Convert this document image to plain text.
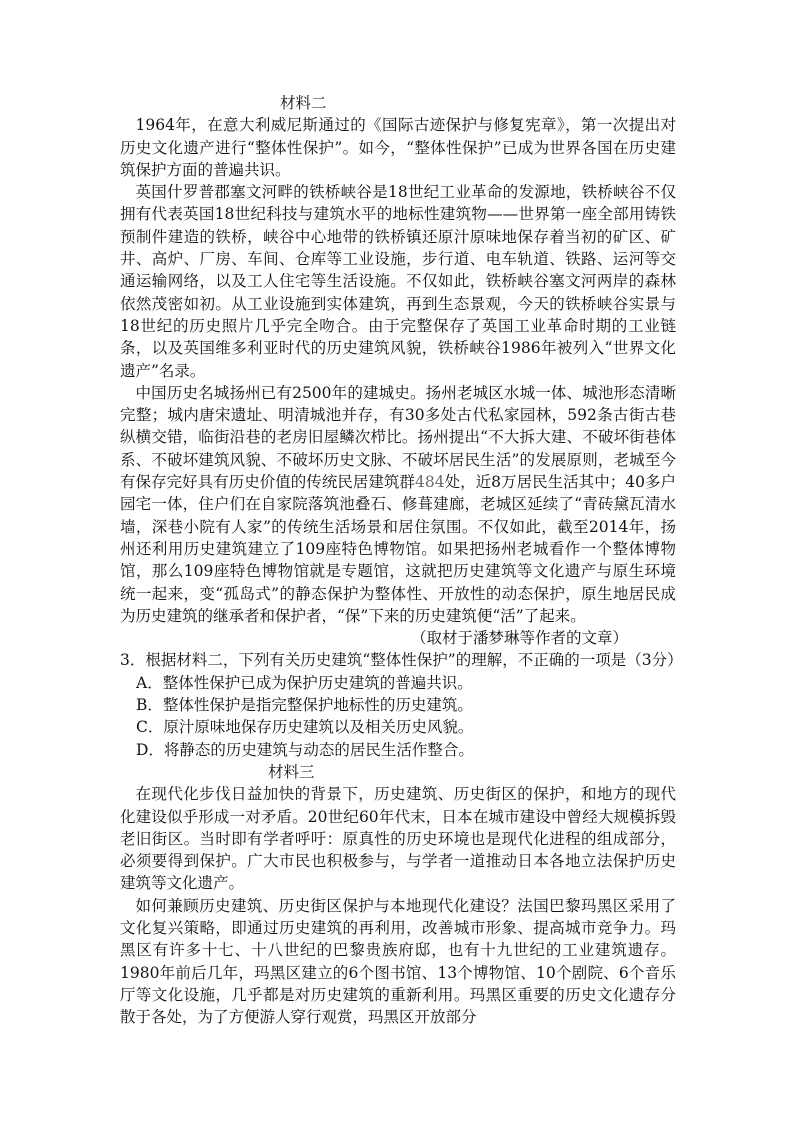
材料二

1964年，在意大利威尼斯通过的《国际古迹保护与修复宪章》，第一次提出对历史文化遗产进行“整体性保护”。如今，“整体性保护”已成为世界各国在历史建筑保护方面的普遍共识。

英国什罗普郡塞文河畔的铁桥峡谷是18世纪工业革命的发源地，铁桥峡谷不仅拥有代表英国18世纪科技与建筑水平的地标性建筑物——世界第一座全部用铸铁预制件建造的铁桥，峡谷中心地带的铁桥镇还原汁原味地保存着当初的矿区、矿井、高炉、厂房、车间、仓库等工业设施，步行道、电车轨道、铁路、运河等交通运输网络，以及工人住宅等生活设施。不仅如此，铁桥峡谷塞文河两岸的森林依然茂密如初。从工业设施到实体建筑，再到生态景观，今天的铁桥峡谷实景与18世纪的历史照片几乎完全吻合。由于完整保存了英国工业革命时期的工业链条，以及英国维多利亚时代的历史建筑风貌，铁桥峡谷1986年被列入“世界文化遗产”名录。

中国历史名城扬州已有2500年的建城史。扬州老城区水城一体、城池形态清晰完整；城内唐宋遗址、明清城池并存，有30多处古代私家园林，592条古街古巷纵横交错，临街沿巷的老房旧屋鳞次栉比。扬州提出“不大拆大建、不破坏街巷体系、不破坏建筑风貌、不破坏历史文脉、不破坏居民生活”的发展原则，老城至今有保存完好具有历史价值的传统民居建筑群484处，近8万居民生活其中；40多户园宅一体，住户们在自家院落筑池叠石、修葺建廊，老城区延续了“青砖黛瓦清水墙，深巷小院有人家”的传统生活场景和居住氛围。不仅如此，截至2014年，扬州还利用历史建筑建立了109座特色博物馆。如果把扬州老城看作一个整体博物馆，那么109座特色博物馆就是专题馆，这就把历史建筑等文化遗产与原生环境统一起来，变“孤岛式”的静态保护为整体性、开放性的动态保护，原生地居民成为历史建筑的继承者和保护者，“保”下来的历史建筑便“活”了起来。

（取材于潘梦琳等作者的文章）

3．根据材料二，下列有关历史建筑“整体性保护”的理解，不正确的一项是（3分）

A．整体性保护已成为保护历史建筑的普遍共识。
B．整体性保护是指完整保护地标性的历史建筑。
C．原汁原味地保存历史建筑以及相关历史风貌。
D．将静态的历史建筑与动态的居民生活作整合。
材料三

在现代化步伐日益加快的背景下，历史建筑、历史街区的保护，和地方的现代化建设似乎形成一对矛盾。20世纪60年代末，日本在城市建设中曾经大规模拆毁老旧街区。当时即有学者呼吁：原真性的历史环境也是现代化进程的组成部分，必须要得到保护。广大市民也积极参与，与学者一道推动日本各地立法保护历史建筑等文化遗产。

如何兼顾历史建筑、历史街区保护与本地现代化建设？法国巴黎玛黑区采用了文化复兴策略，即通过历史建筑的再利用，改善城市形象、提高城市竞争力。玛黑区有许多十七、十八世纪的巴黎贵族府邸，也有十九世纪的工业建筑遗存。1980年前后几年，玛黑区建立的6个图书馆、13个博物馆、10个剧院、6个音乐厅等文化设施，几乎都是对历史建筑的重新利用。玛黑区重要的历史文化遗存分散于各处，为了方便游人穿行观赏，玛黑区开放部分
